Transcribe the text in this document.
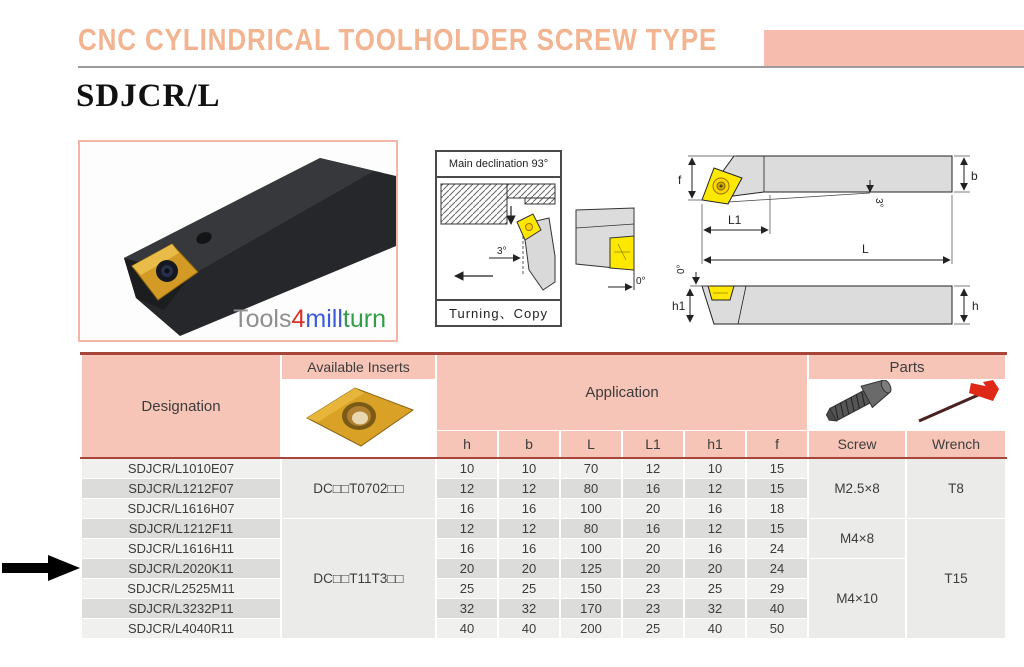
CNC CYLINDRICAL TOOLHOLDER SCREW TYPE
SDJCR/L
Tools4millturn
Main declination 93°
3°
Turning、Copy
0°
f	b
3°
L1
L
0°
h1	h
Designation	Available Inserts	Application						Parts	

		h	b	L	L1	h1	f	Screw	Wrench
SDJCR/L1010E07	DC□□T0702□□	10	10	70	12	10	15	M2.5×8	T8
SDJCR/L1212F07		12	12	80	16	12	15		
SDJCR/L1616H07		16	16	100	20	16	18		
SDJCR/L1212F11	DC□□T11T3□□	12	12	80	16	12	15	M4×8	T15
SDJCR/L1616H11		16	16	100	20	16	24		
SDJCR/L2020K11		20	20	125	20	20	24	M4×10	
SDJCR/L2525M11		25	25	150	23	25	29		
SDJCR/L3232P11		32	32	170	23	32	40		
SDJCR/L4040R11		40	40	200	25	40	50		
